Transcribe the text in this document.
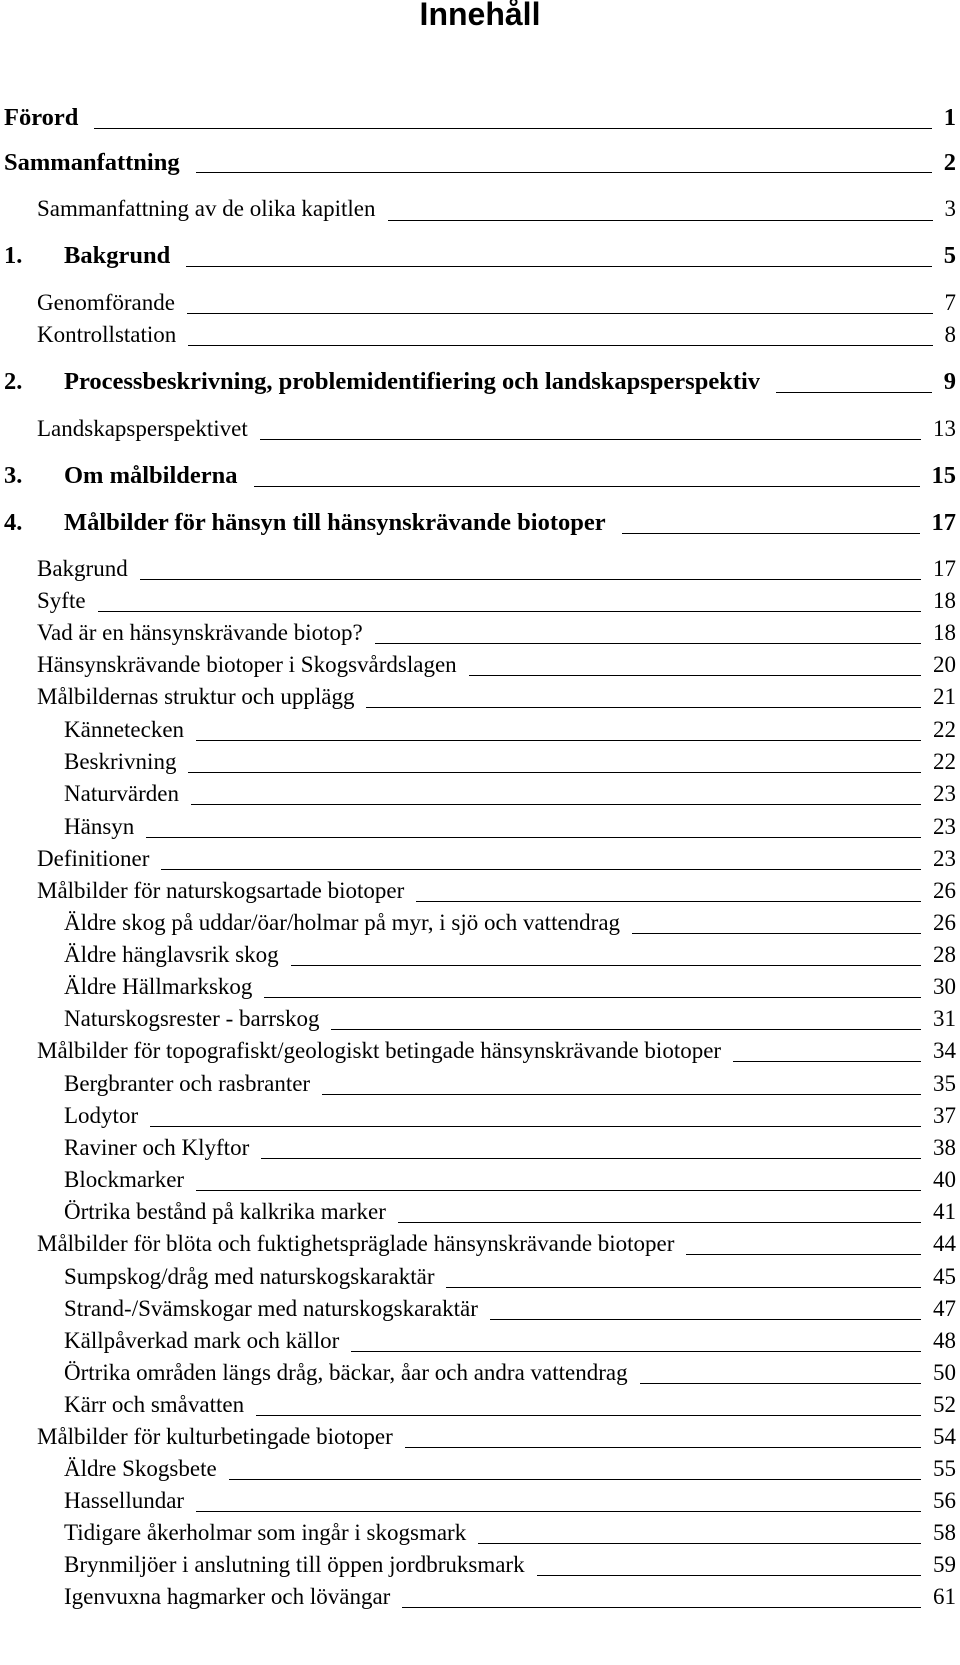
Innehåll
Förord	1
Sammanfattning	2
Sammanfattning av de olika kapitlen	3
1. Bakgrund	5
Genomförande	7
Kontrollstation	8
2. Processbeskrivning, problemidentifiering och landskapsperspektiv	9
Landskapsperspektivet	13
3. Om målbilderna	15
4. Målbilder för hänsyn till hänsynskrävande biotoper	17
Bakgrund	17
Syfte	18
Vad är en hänsynskrävande biotop?	18
Hänsynskrävande biotoper i Skogsvårdslagen	20
Målbildernas struktur och upplägg	21
Kännetecken	22
Beskrivning	22
Naturvärden	23
Hänsyn	23
Definitioner	23
Målbilder för naturskogsartade biotoper	26
Äldre skog på uddar/öar/holmar på myr, i sjö och vattendrag	26
Äldre hänglavsrik skog	28
Äldre Hällmarkskog	30
Naturskogsrester - barrskog	31
Målbilder för topografiskt/geologiskt betingade hänsynskrävande biotoper	34
Bergbranter och rasbranter	35
Lodytor	37
Raviner och Klyftor	38
Blockmarker	40
Örtrika bestånd på kalkrika marker	41
Målbilder för blöta och fuktighetspräglade hänsynskrävande biotoper	44
Sumpskog/dråg med naturskogskaraktär	45
Strand-/Svämskogar med naturskogskaraktär	47
Källpåverkad mark och källor	48
Örtrika områden längs dråg, bäckar, åar och andra vattendrag	50
Kärr och småvatten	52
Målbilder för kulturbetingade biotoper	54
Äldre Skogsbete	55
Hassellundar	56
Tidigare åkerholmar som ingår i skogsmark	58
Brynmiljöer i anslutning till öppen jordbruksmark	59
Igenvuxna hagmarker och lövängar	61
